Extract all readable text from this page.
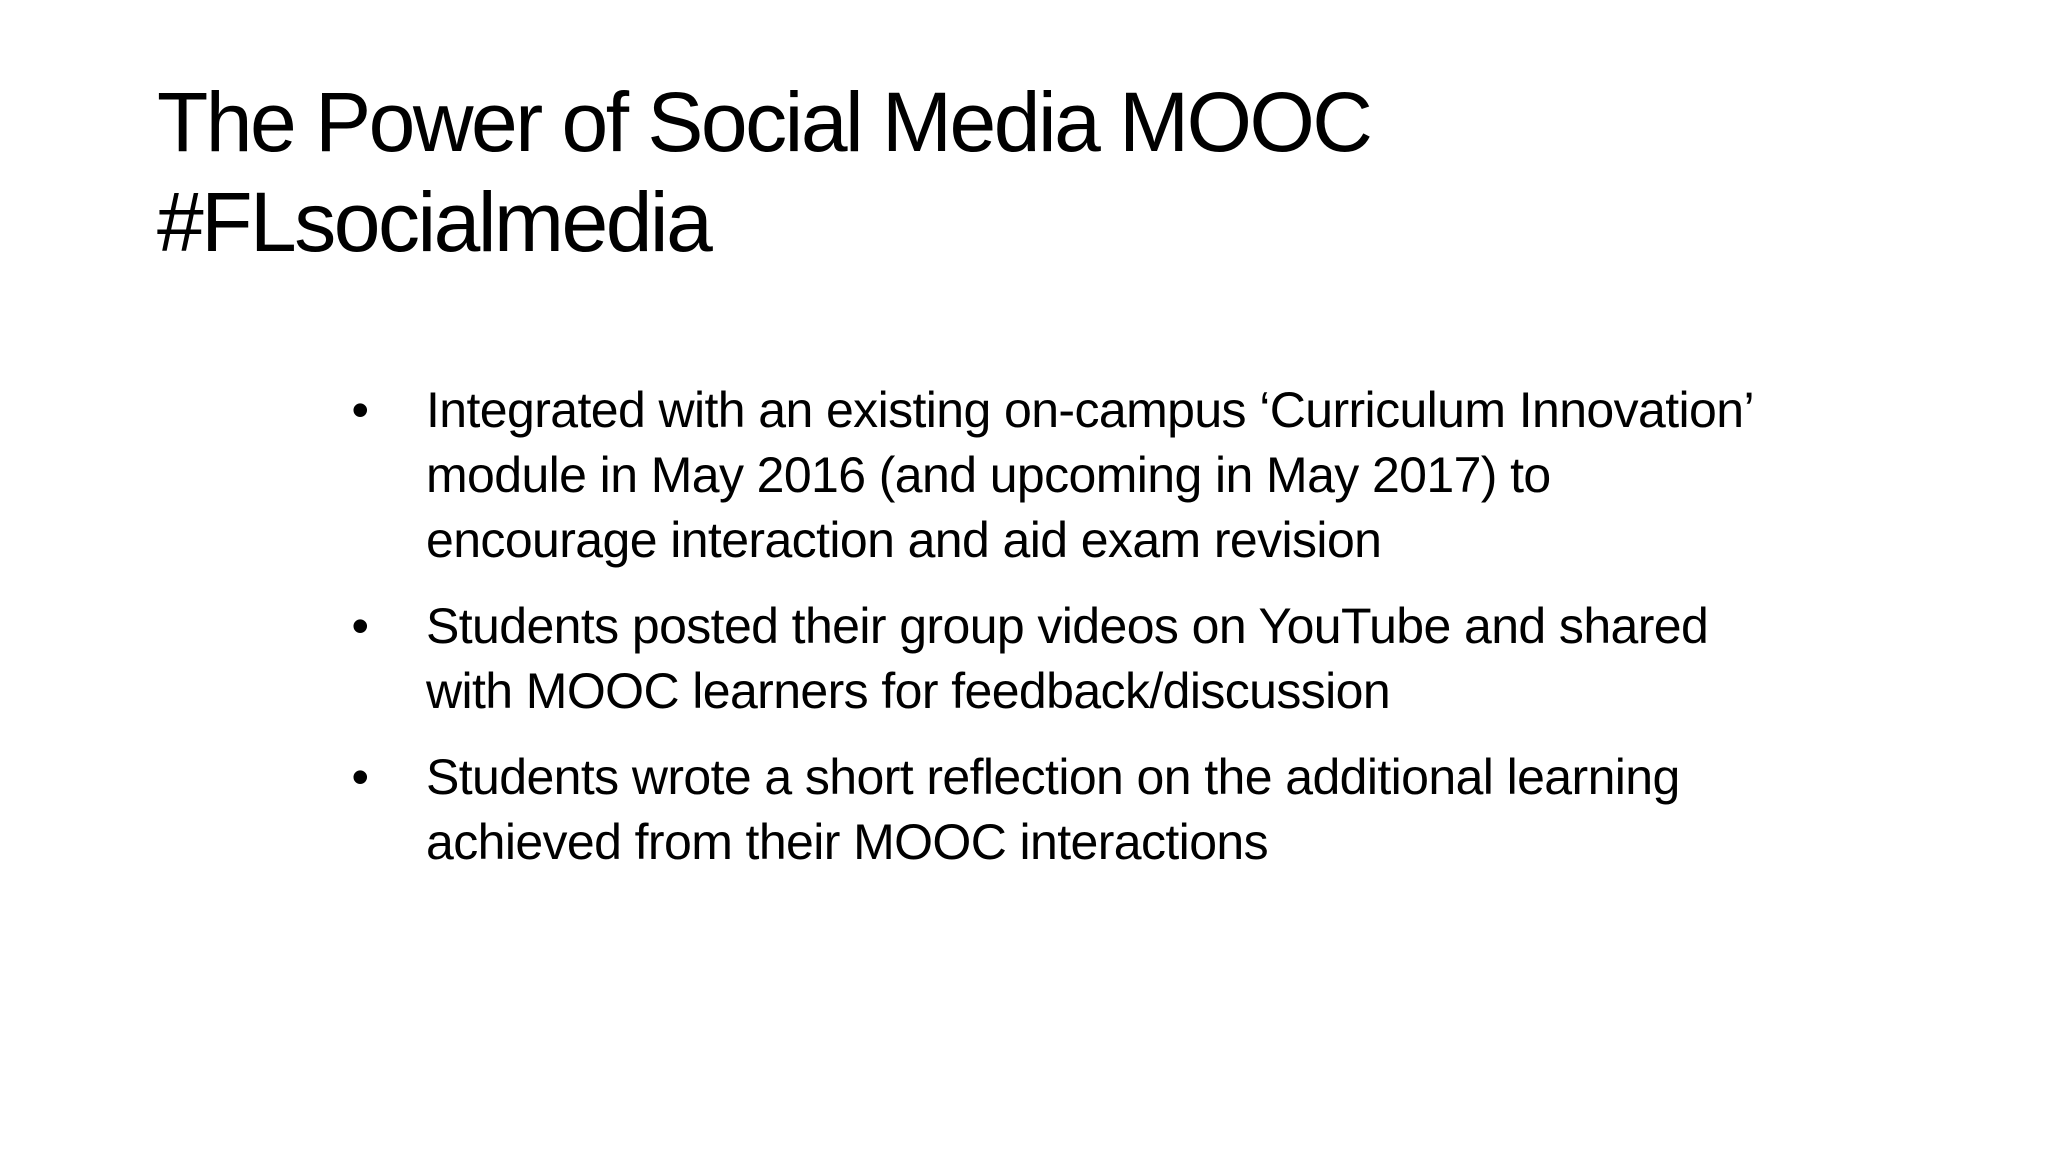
The Power of Social Media MOOC
#FLsocialmedia
• Integrated with an existing on-campus ‘Curriculum Innovation’ module in May 2016 (and upcoming in May 2017) to encourage interaction and aid exam revision
• Students posted their group videos on YouTube and shared with MOOC learners for feedback/discussion
• Students wrote a short reflection on the additional learning achieved from their MOOC interactions
